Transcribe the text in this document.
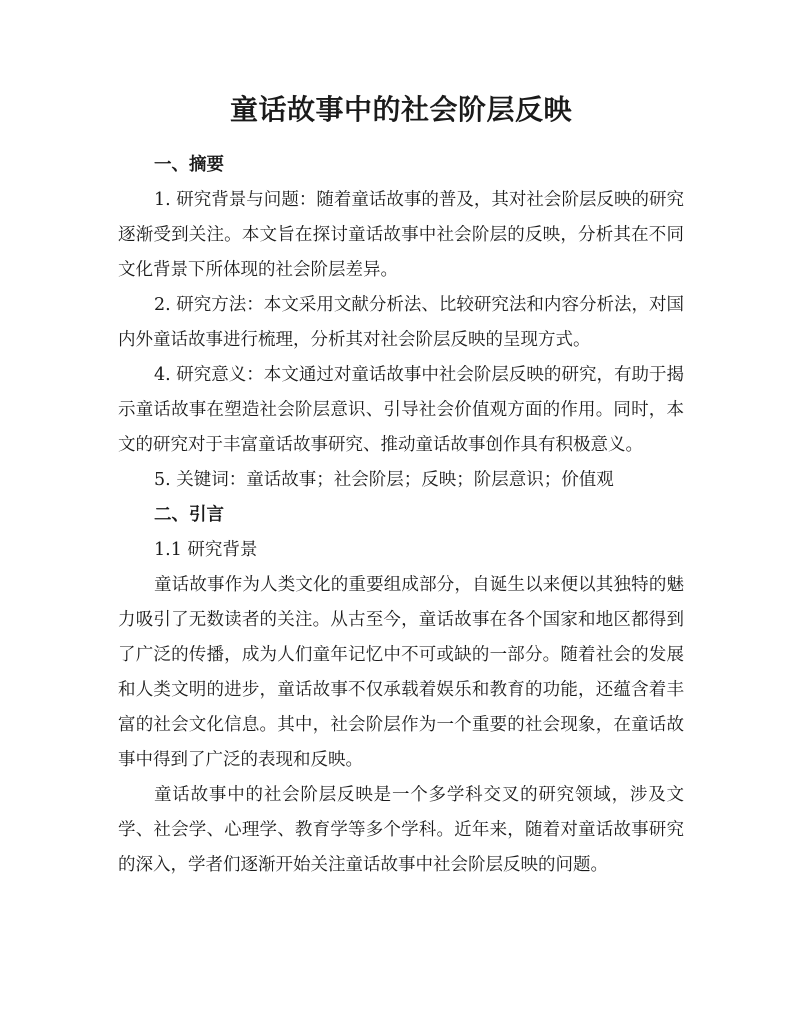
童话故事中的社会阶层反映
一、摘要

1. 研究背景与问题：随着童话故事的普及，其对社会阶层反映的研究逐渐受到关注。本文旨在探讨童话故事中社会阶层的反映，分析其在不同文化背景下所体现的社会阶层差异。

2. 研究方法：本文采用文献分析法、比较研究法和内容分析法，对国内外童话故事进行梳理，分析其对社会阶层反映的呈现方式。

4. 研究意义：本文通过对童话故事中社会阶层反映的研究，有助于揭示童话故事在塑造社会阶层意识、引导社会价值观方面的作用。同时，本文的研究对于丰富童话故事研究、推动童话故事创作具有积极意义。

5. 关键词：童话故事；社会阶层；反映；阶层意识；价值观

二、引言

1.1 研究背景

童话故事作为人类文化的重要组成部分，自诞生以来便以其独特的魅力吸引了无数读者的关注。从古至今，童话故事在各个国家和地区都得到了广泛的传播，成为人们童年记忆中不可或缺的一部分。随着社会的发展和人类文明的进步，童话故事不仅承载着娱乐和教育的功能，还蕴含着丰富的社会文化信息。其中，社会阶层作为一个重要的社会现象，在童话故事中得到了广泛的表现和反映。

童话故事中的社会阶层反映是一个多学科交叉的研究领域，涉及文学、社会学、心理学、教育学等多个学科。近年来，随着对童话故事研究的深入，学者们逐渐开始关注童话故事中社会阶层反映的问题。
